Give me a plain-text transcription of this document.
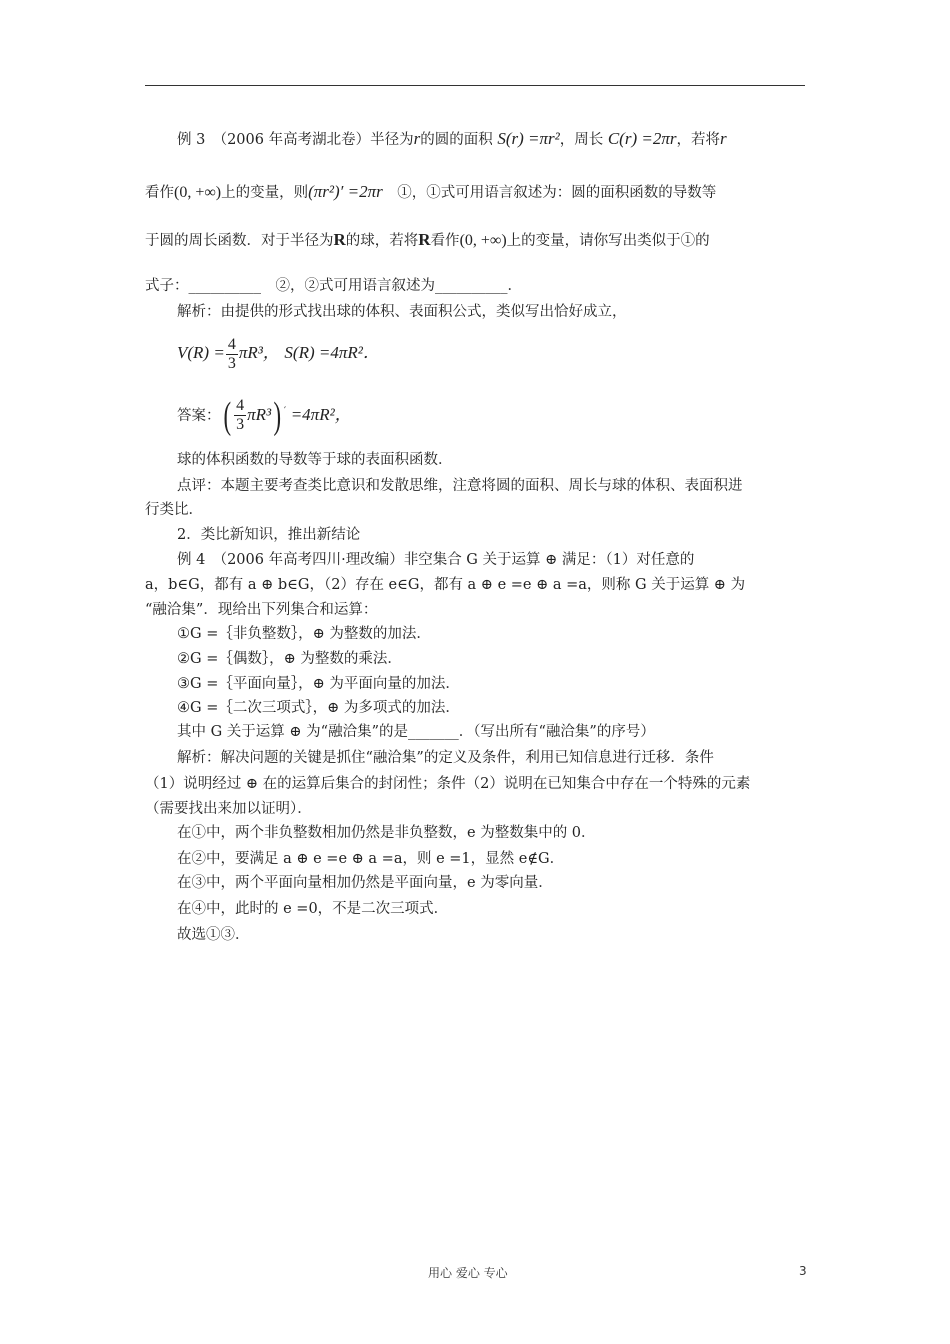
例 3　（2006 年高考湖北卷）半径为r的圆的面积 S(r) =πr²，周长 C(r) =2πr，若将r
看作(0, +∞)上的变量，则(πr²)′ =2πr　①，①式可用语言叙述为：圆的面积函数的导数等
于圆的周长函数．对于半径为R的球，若将R看作(0, +∞)上的变量，请你写出类似于①的
式子：__________　②，②式可用语言叙述为__________．
解析：由提供的形式找出球的体积、表面积公式，类似写出恰好成立，
$V(R) = \frac{4}{3} \pi R^3$， S(R) =4πR²．
答案：( $\frac{4}{3} \pi R^3$) ′ =4πR²，
球的体积函数的导数等于球的表面积函数．
点评：本题主要考查类比意识和发散思维，注意将圆的面积、周长与球的体积、表面积进
行类比．
2．类比新知识，推出新结论
例 4　（2006 年高考四川·理改编）非空集合 G 关于运算 ⊕ 满足：（1）对任意的
a，b∈G，都有 a ⊕ b∈G，（2）存在 e∈G，都有 a ⊕ e =e ⊕ a =a，则称 G 关于运算 ⊕ 为
“融洽集”．现给出下列集合和运算：
①G =｛非负整数｝，⊕ 为整数的加法．
②G =｛偶数｝，⊕ 为整数的乘法．
③G =｛平面向量｝，⊕ 为平面向量的加法．
④G =｛二次三项式｝，⊕ 为多项式的加法．
其中 G 关于运算 ⊕ 为“融洽集”的是_______．（写出所有“融洽集”的序号）
解析：解决问题的关键是抓住“融洽集”的定义及条件，利用已知信息进行迁移．条件
（1）说明经过 ⊕ 在的运算后集合的封闭性；条件（2）说明在已知集合中存在一个特殊的元素
（需要找出来加以证明）．
在①中，两个非负整数相加仍然是非负整数，e 为整数集中的 0．
在②中，要满足 a ⊕ e =e ⊕ a =a，则 e =1，显然 e∉G．
在③中，两个平面向量相加仍然是平面向量，e 为零向量．
在④中，此时的 e =0，不是二次三项式．
故选①③．
用心 爱心 专心	3
